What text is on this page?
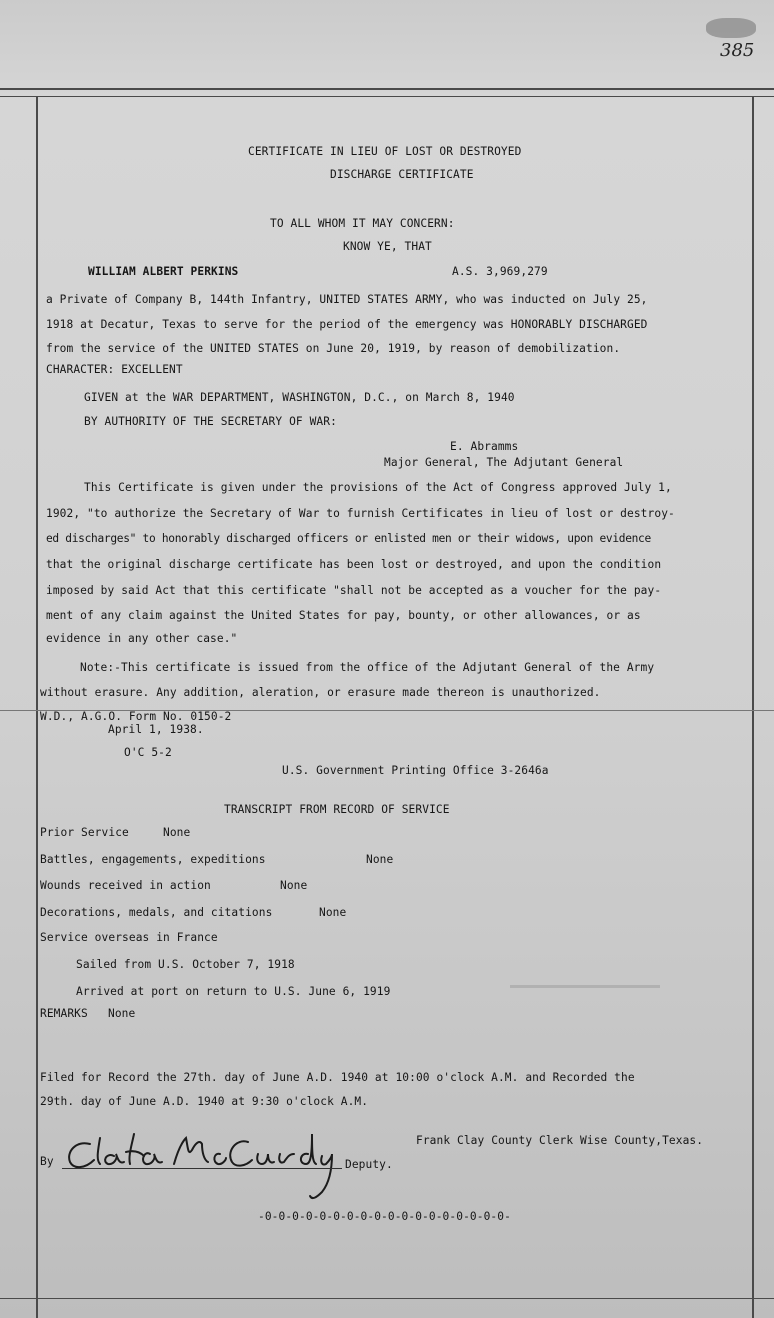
385
CERTIFICATE IN LIEU OF LOST OR DESTROYED
DISCHARGE CERTIFICATE
TO ALL WHOM IT MAY CONCERN:
KNOW YE, THAT
WILLIAM ALBERT PERKINS	A.S. 3,969,279
a Private of Company B, 144th Infantry, UNITED STATES ARMY, who was inducted on July 25,
1918 at Decatur, Texas to serve for the period of the emergency was HONORABLY DISCHARGED
from the service of the UNITED STATES on June 20, 1919, by reason of demobilization.
CHARACTER: EXCELLENT
GIVEN at the WAR DEPARTMENT, WASHINGTON, D.C., on March 8, 1940
BY AUTHORITY OF THE SECRETARY OF WAR:
E. Abramms
Major General, The Adjutant General
This Certificate is given under the provisions of the Act of Congress approved July 1,
1902, "to authorize the Secretary of War to furnish Certificates in lieu of lost or destroy-
ed discharges" to honorably discharged officers or enlisted men or their widows, upon evidence
that the original discharge certificate has been lost or destroyed, and upon the condition
imposed by said Act that this certificate "shall not be accepted as a voucher for the pay-
ment of any claim against the United States for pay, bounty, or other allowances, or as
evidence in any other case."
Note:-This certificate is issued from the office of the Adjutant General of the Army
without erasure. Any addition, aleration, or erasure made thereon is unauthorized.
W.D., A.G.O. Form No. 0150-2
April 1, 1938.
O'C 5-2
U.S. Government Printing Office 3-2646a
TRANSCRIPT FROM RECORD OF SERVICE
Prior Service	None
Battles, engagements, expeditions	None
Wounds received in action	None
Decorations, medals, and citations	None
Service overseas in France
Sailed from U.S. October 7, 1918
Arrived at port on return to U.S. June 6, 1919
REMARKS None
Filed for Record the 27th. day of June A.D. 1940 at 10:00 o'clock A.M. and Recorded the
29th. day of June A.D. 1940 at 9:30 o'clock A.M.
Frank Clay County Clerk Wise County,Texas.
By	Deputy.
-0-0-0-0-0-0-0-0-0-0-0-0-0-0-0-0-0-0-
